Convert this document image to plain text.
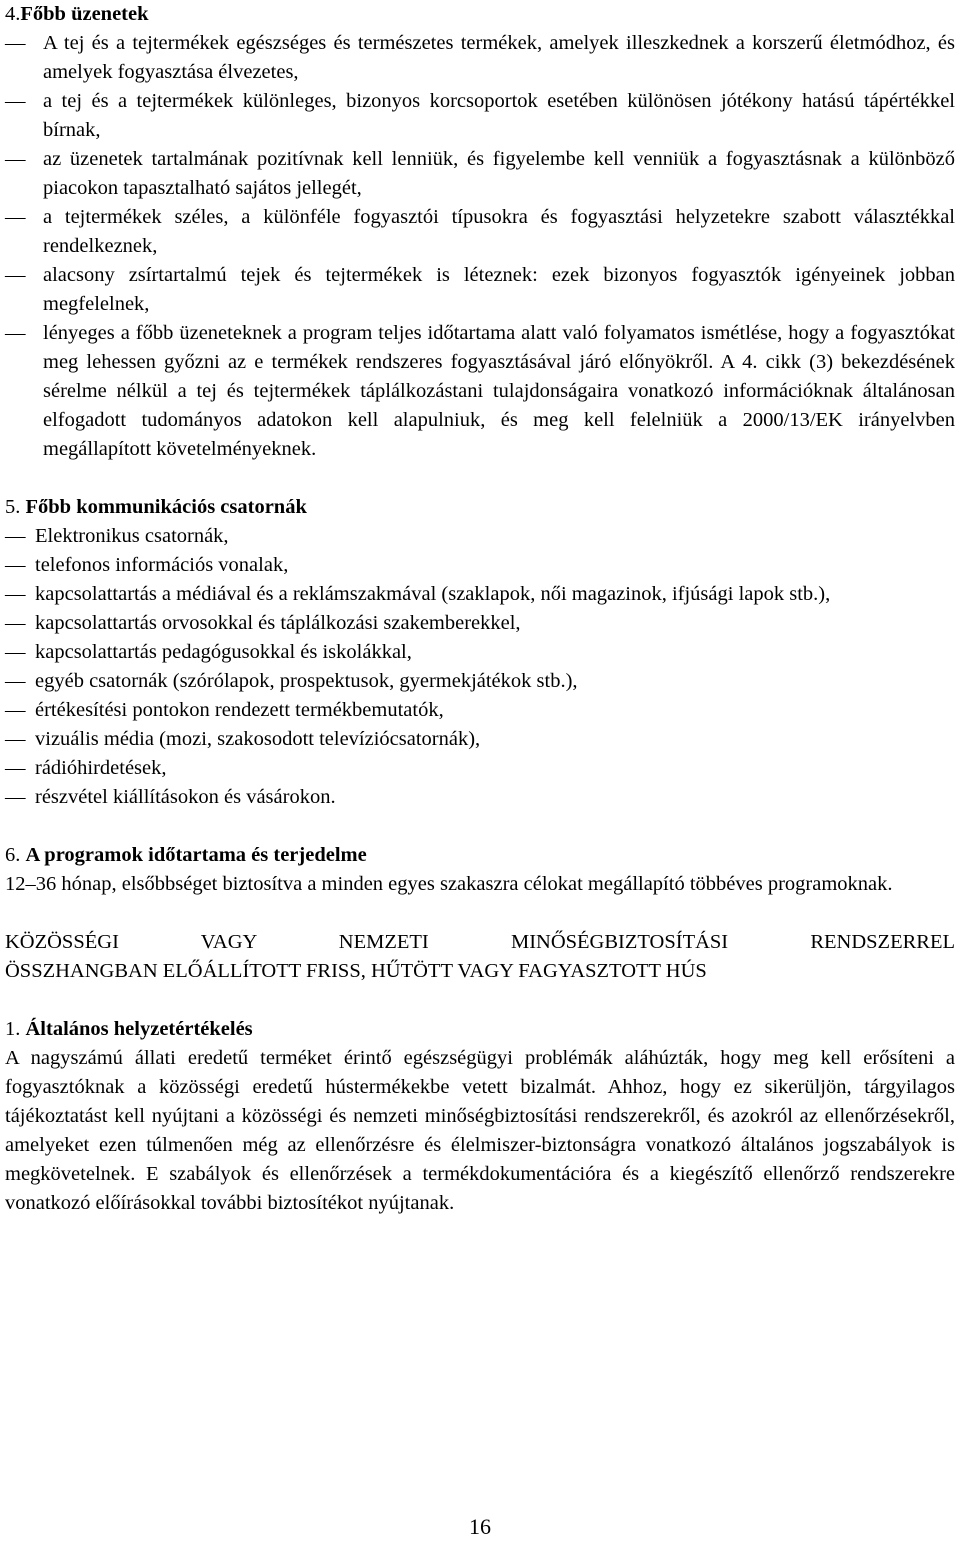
4.Főbb üzenetek
— A tej és a tejtermékek egészséges és természetes termékek, amelyek illeszkednek a korszerű életmódhoz, és amelyek fogyasztása élvezetes,
— a tej és a tejtermékek különleges, bizonyos korcsoportok esetében különösen jótékony hatású tápértékkel bírnak,
— az üzenetek tartalmának pozitívnak kell lenniük, és figyelembe kell venniük a fogyasztásnak a különböző piacokon tapasztalható sajátos jellegét,
— a tejtermékek széles, a különféle fogyasztói típusokra és fogyasztási helyzetekre szabott választékkal rendelkeznek,
— alacsony zsírtartalmú tejek és tejtermékek is léteznek: ezek bizonyos fogyasztók igényeinek jobban megfelelnek,
— lényeges a főbb üzeneteknek a program teljes időtartama alatt való folyamatos ismétlése, hogy a fogyasztókat meg lehessen győzni az e termékek rendszeres fogyasztásával járó előnyökről. A 4. cikk (3) bekezdésének sérelme nélkül a tej és tejtermékek táplálkozástani tulajdonságaira vonatkozó információknak általánosan elfogadott tudományos adatokon kell alapulniuk, és meg kell felelniük a 2000/13/EK irányelvben megállapított követelményeknek.
5. Főbb kommunikációs csatornák
— Elektronikus csatornák,
— telefonos információs vonalak,
— kapcsolattartás a médiával és a reklámszakmával (szaklapok, női magazinok, ifjúsági lapok stb.),
— kapcsolattartás orvosokkal és táplálkozási szakemberekkel,
— kapcsolattartás pedagógusokkal és iskolákkal,
— egyéb csatornák (szórólapok, prospektusok, gyermekjátékok stb.),
— értékesítési pontokon rendezett termékbemutatók,
— vizuális média (mozi, szakosodott televíziócsatornák),
— rádióhirdetések,
— részvétel kiállításokon és vásárokon.
6. A programok időtartama és terjedelme

12–36 hónap, elsőbbséget biztosítva a minden egyes szakaszra célokat megállapító többéves programoknak.

KÖZÖSSÉGI VAGY NEMZETI MINŐSÉGBIZTOSÍTÁSI RENDSZERREL
ÖSSZHANGBAN ELŐÁLLÍTOTT FRISS, HŰTÖTT VAGY FAGYASZTOTT HÚS
1. Általános helyzetértékelés

A nagyszámú állati eredetű terméket érintő egészségügyi problémák aláhúzták, hogy meg kell erősíteni a fogyasztóknak a közösségi eredetű hústermékekbe vetett bizalmát. Ahhoz, hogy ez sikerüljön, tárgyilagos tájékoztatást kell nyújtani a közösségi és nemzeti minőségbiztosítási rendszerekről, és azokról az ellenőrzésekről, amelyeket ezen túlmenően még az ellenőrzésre és élelmiszer-biztonságra vonatkozó általános jogszabályok is megkövetelnek. E szabályok és ellenőrzések a termékdokumentációra és a kiegészítő ellenőrző rendszerekre vonatkozó előírásokkal további biztosítékot nyújtanak.

16
